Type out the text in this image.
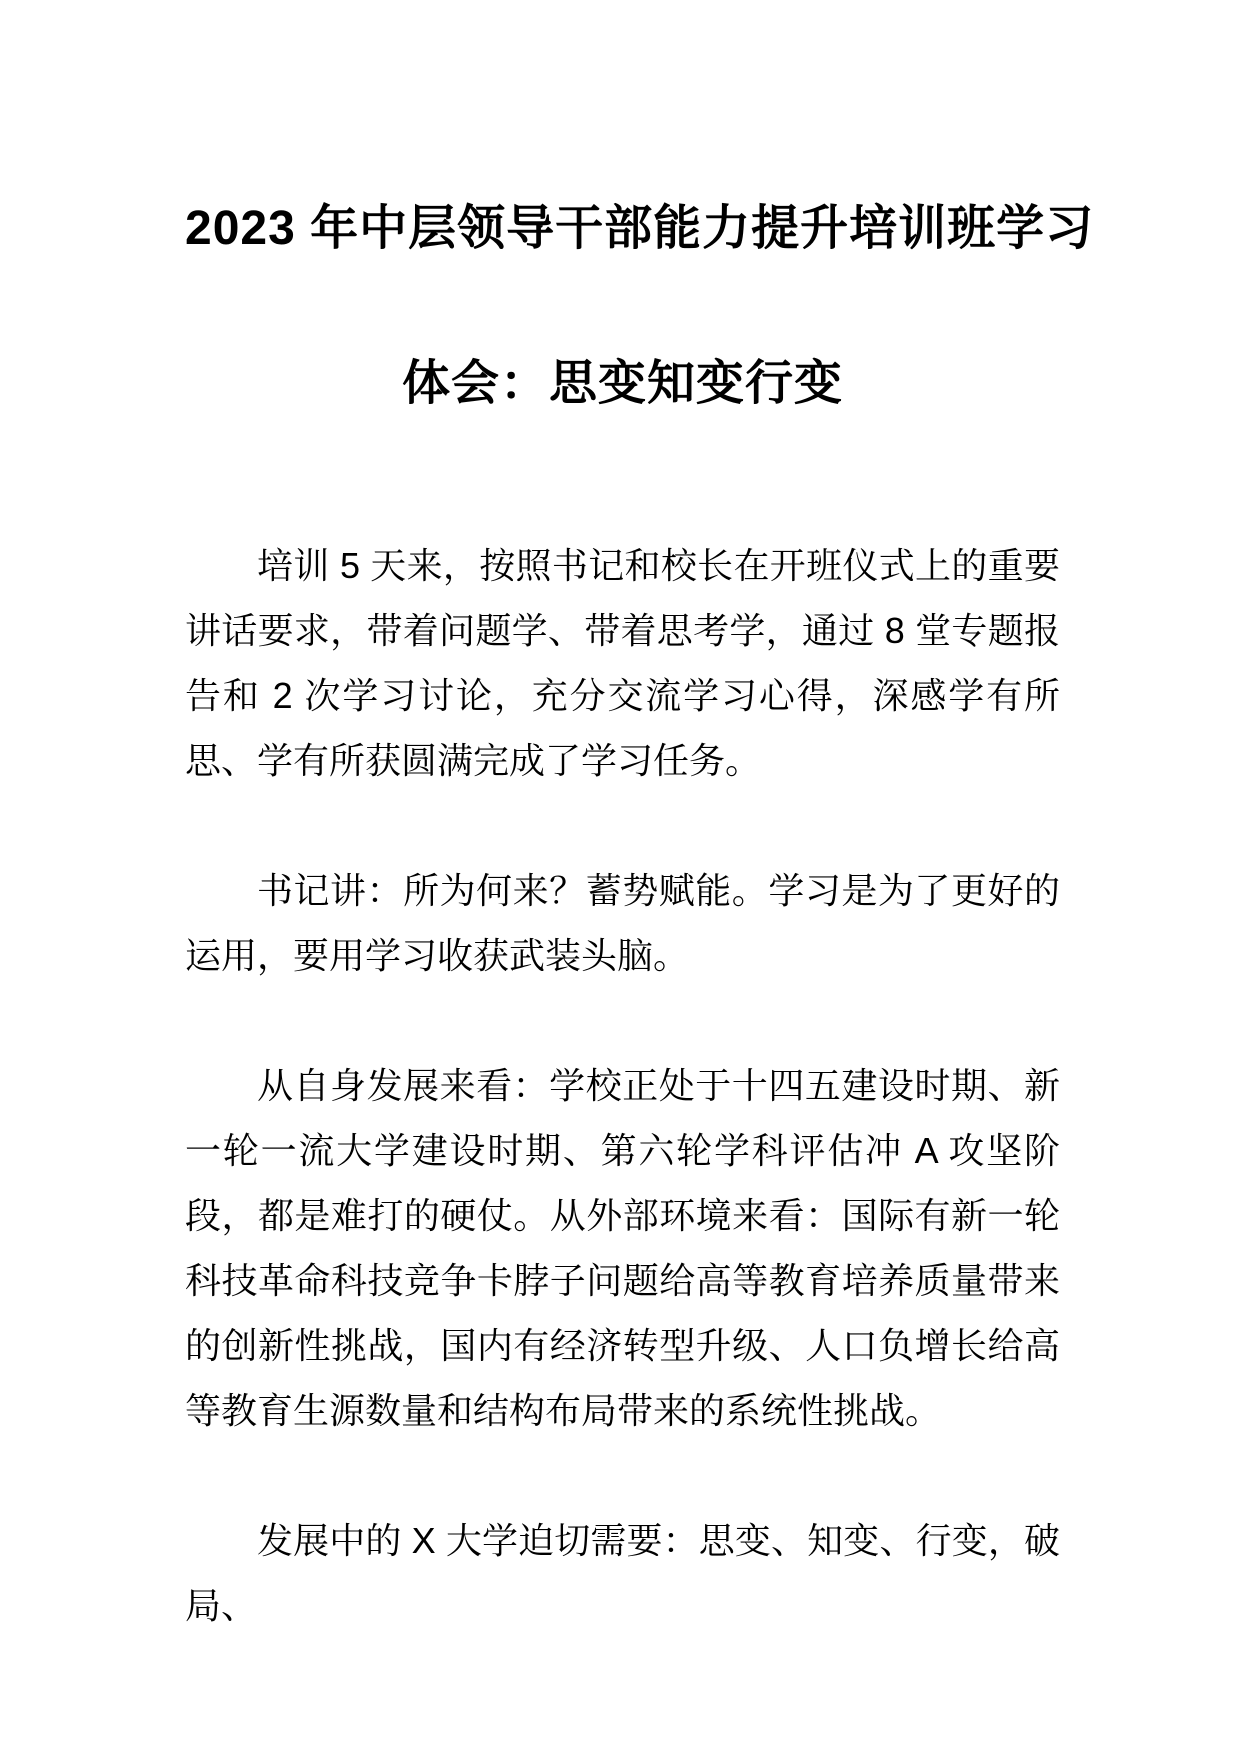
2023 年中层领导干部能力提升培训班学习
体会：思变知变行变

培训 5 天来，按照书记和校长在开班仪式上的重要讲话要求，带着问题学、带着思考学，通过 8 堂专题报告和 2 次学习讨论，充分交流学习心得，深感学有所思、学有所获圆满完成了学习任务。

书记讲：所为何来？蓄势赋能。学习是为了更好的运用，要用学习收获武装头脑。

从自身发展来看：学校正处于十四五建设时期、新一轮一流大学建设时期、第六轮学科评估冲 A 攻坚阶段，都是难打的硬仗。从外部环境来看：国际有新一轮科技革命科技竞争卡脖子问题给高等教育培养质量带来的创新性挑战，国内有经济转型升级、人口负增长给高等教育生源数量和结构布局带来的系统性挑战。

发展中的 X 大学迫切需要：思变、知变、行变，破局、
